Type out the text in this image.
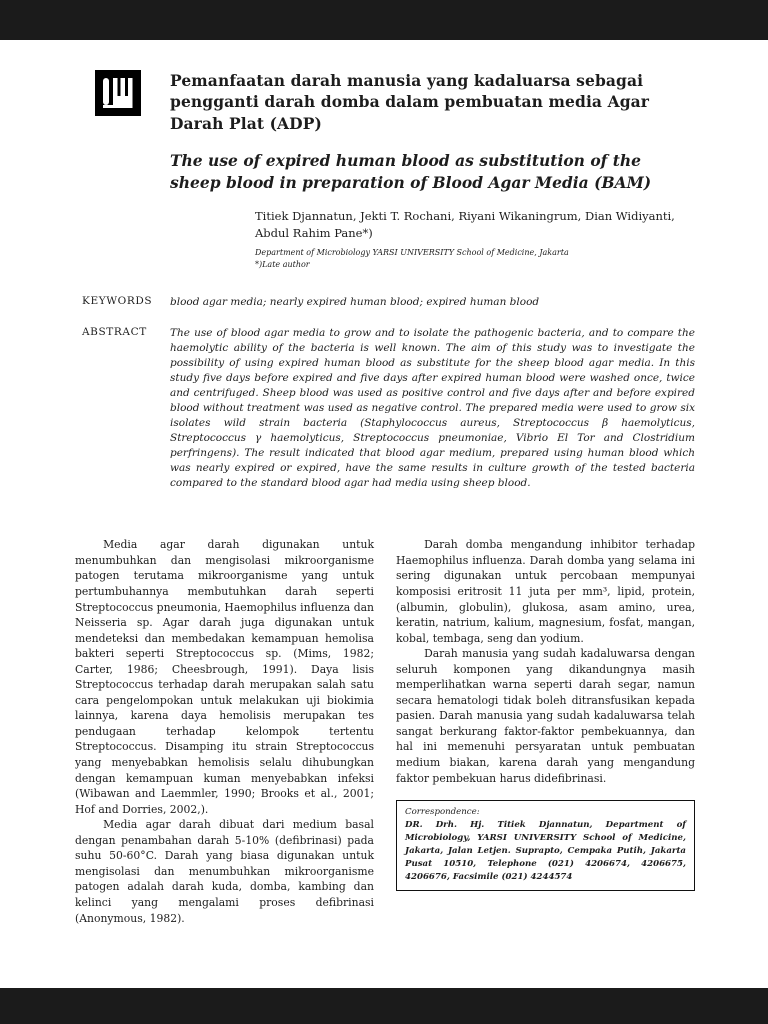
Pemanfaatan darah manusia yang kadaluarsa sebagai pengganti darah domba dalam pembuatan media Agar Darah Plat (ADP)
The use of expired human blood as substitution of the sheep blood in preparation of Blood Agar Media (BAM)
Titiek Djannatun, Jekti T. Rochani, Riyani Wikaningrum, Dian Widiyanti, Abdul Rahim Pane*)
Department of Microbiology YARSI UNIVERSITY School of Medicine, Jakarta
*)Late author
KEYWORDS	blood agar media; nearly expired human blood; expired human blood
ABSTRACT	The use of blood agar media to grow and to isolate the pathogenic bacteria, and to compare the haemolytic ability of the bacteria is well known. The aim of this study was to investigate the possibility of using expired human blood as substitute for the sheep blood agar media. In this study five days before expired and five days after expired human blood were washed once, twice and centrifuged. Sheep blood was used as positive control and five days after and before expired blood without treatment was used as negative control. The prepared media were used to grow six isolates wild strain bacteria (Staphylococcus aureus, Streptococcus β haemolyticus, Streptococcus γ haemolyticus, Streptococcus pneumoniae, Vibrio El Tor and Clostridium perfringens). The result indicated that blood agar medium, prepared using human blood which was nearly expired or expired, have the same results in culture growth of the tested bacteria compared to the standard blood agar had media using sheep blood.

Media agar darah digunakan untuk menumbuhkan dan mengisolasi mikroorganisme patogen terutama mikroorganisme yang untuk pertumbuhannya membutuhkan darah seperti Streptococcus pneumonia, Haemophilus influenza dan Neisseria sp. Agar darah juga digunakan untuk mendeteksi dan membedakan kemampuan hemolisa bakteri seperti Streptococcus sp. (Mims, 1982; Carter, 1986; Cheesbrough, 1991). Daya lisis Streptococcus terhadap darah merupakan salah satu cara pengelompokan untuk melakukan uji biokimia lainnya, karena daya hemolisis merupakan tes pendugaan terhadap kelompok tertentu Streptococcus. Disamping itu strain Streptococcus yang menyebabkan hemolisis selalu dihubungkan dengan kemampuan kuman menyebabkan infeksi (Wibawan and Laemmler, 1990; Brooks et al., 2001; Hof and Dorries, 2002,).

Media agar darah dibuat dari medium basal dengan penambahan darah 5-10% (defibrinasi) pada suhu 50-60°C. Darah yang biasa digunakan untuk mengisolasi dan menumbuhkan mikroorganisme patogen adalah darah kuda, domba, kambing dan kelinci yang mengalami proses defibrinasi (Anonymous, 1982).

Darah domba mengandung inhibitor terhadap Haemophilus influenza. Darah domba yang selama ini sering digunakan untuk percobaan mempunyai komposisi eritrosit 11 juta per mm³, lipid, protein, (albumin, globulin), glukosa, asam amino, urea, keratin, natrium, kalium, magnesium, fosfat, mangan, kobal, tembaga, seng dan yodium.

Darah manusia yang sudah kadaluwarsa dengan seluruh komponen yang dikandungnya masih memperlihatkan warna seperti darah segar, namun secara hematologi tidak boleh ditransfusikan kepada pasien. Darah manusia yang sudah kadaluwarsa telah sangat berkurang faktor-faktor pembekuannya, dan hal ini memenuhi persyaratan untuk pembuatan medium biakan, karena darah yang mengandung faktor pembekuan harus didefibrinasi.

Correspondence:
DR. Drh. Hj. Titiek Djannatun, Department of Microbiology, YARSI UNIVERSITY School of Medicine, Jakarta, Jalan Letjen. Suprapto, Cempaka Putih, Jakarta Pusat 10510, Telephone (021) 4206674, 4206675, 4206676, Facsimile (021) 4244574
